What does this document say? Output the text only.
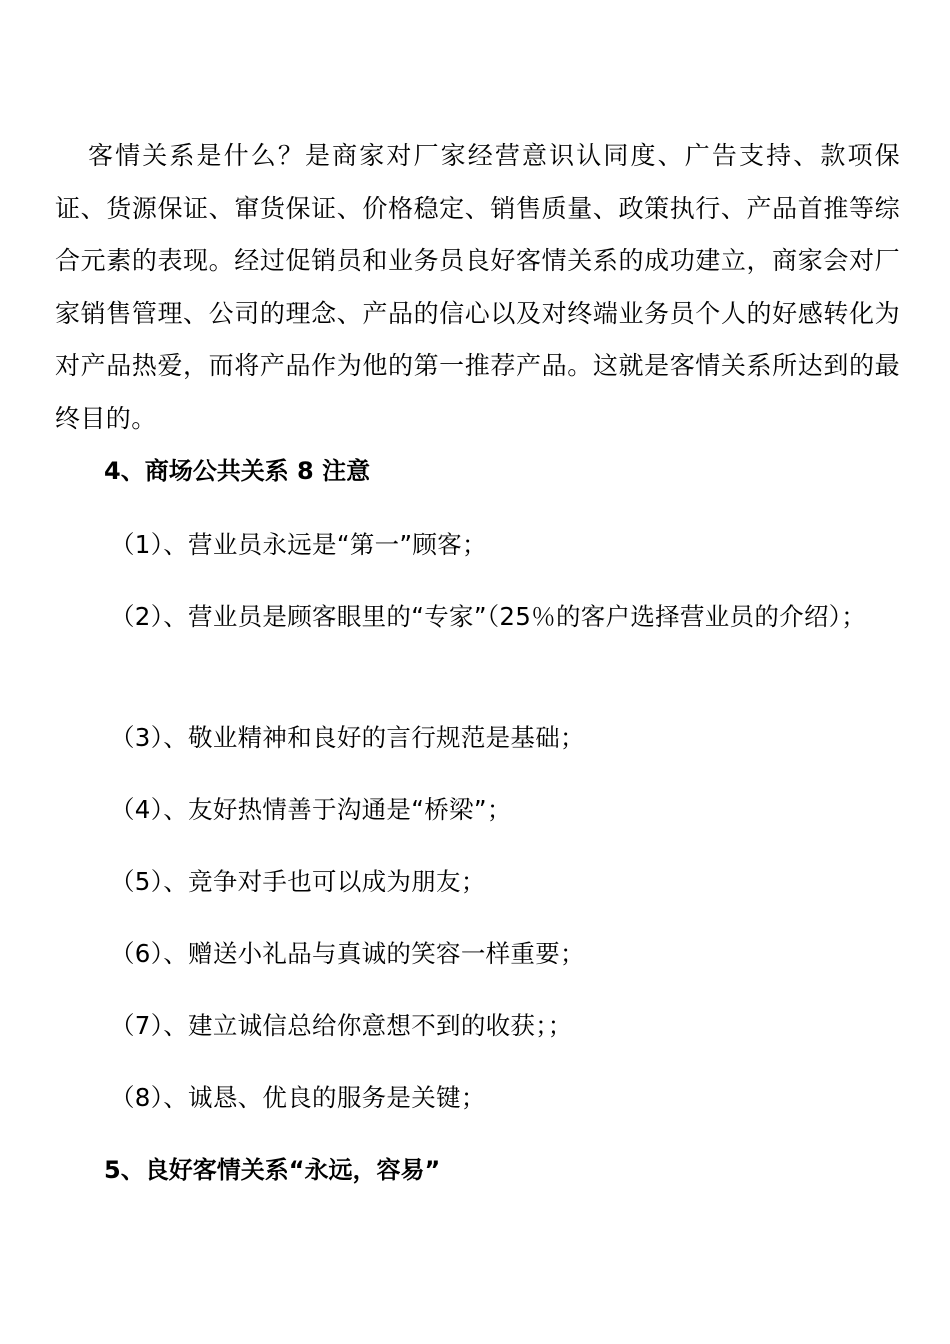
客情关系是什么？是商家对厂家经营意识认同度、广告支持、款项保证、货源保证、窜货保证、价格稳定、销售质量、政策执行、产品首推等综合元素的表现。经过促销员和业务员良好客情关系的成功建立，商家会对厂家销售管理、公司的理念、产品的信心以及对终端业务员个人的好感转化为对产品热爱，而将产品作为他的第一推荐产品。这就是客情关系所达到的最终目的。

4、商场公共关系 8 注意

（1）、营业员永远是“第一”顾客；

（2）、营业员是顾客眼里的“专家”（25％的客户选择营业员的介绍）；

（3）、敬业精神和良好的言行规范是基础；

（4）、友好热情善于沟通是“桥梁”；

（5）、竞争对手也可以成为朋友；

（6）、赠送小礼品与真诚的笑容一样重要；

（7）、建立诚信总给你意想不到的收获；；

（8）、诚恳、优良的服务是关键；

5、良好客情关系“永远，容易”
